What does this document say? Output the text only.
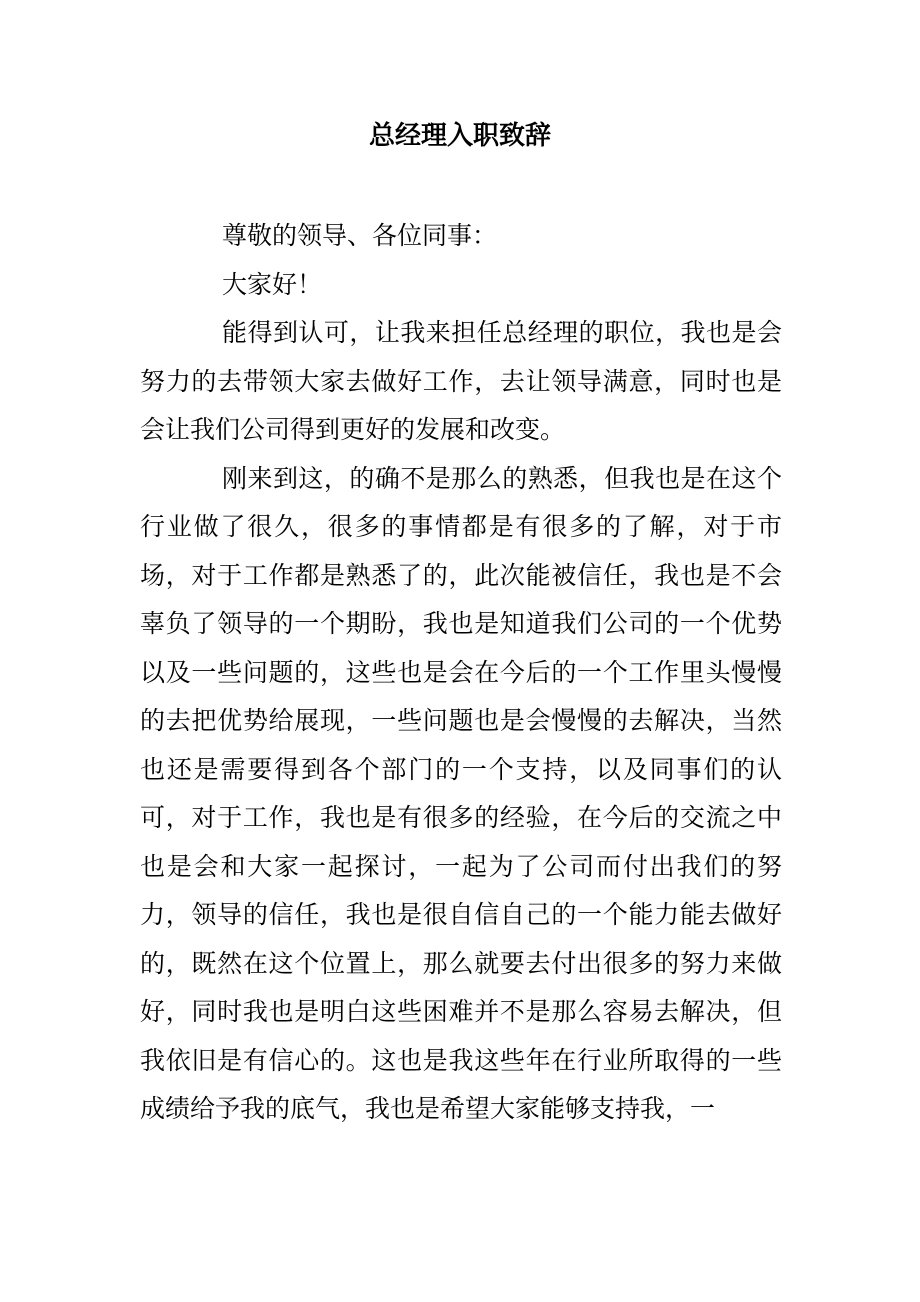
总经理入职致辞

尊敬的领导、各位同事：

大家好！

能得到认可，让我来担任总经理的职位，我也是会努力的去带领大家去做好工作，去让领导满意，同时也是会让我们公司得到更好的发展和改变。

刚来到这，的确不是那么的熟悉，但我也是在这个行业做了很久，很多的事情都是有很多的了解，对于市场，对于工作都是熟悉了的，此次能被信任，我也是不会辜负了领导的一个期盼，我也是知道我们公司的一个优势以及一些问题的，这些也是会在今后的一个工作里头慢慢的去把优势给展现，一些问题也是会慢慢的去解决，当然也还是需要得到各个部门的一个支持，以及同事们的认可，对于工作，我也是有很多的经验，在今后的交流之中也是会和大家一起探讨，一起为了公司而付出我们的努力，领导的信任，我也是很自信自己的一个能力能去做好的，既然在这个位置上，那么就要去付出很多的努力来做好，同时我也是明白这些困难并不是那么容易去解决，但我依旧是有信心的。这也是我这些年在行业所取得的一些成绩给予我的底气，我也是希望大家能够支持我，一
